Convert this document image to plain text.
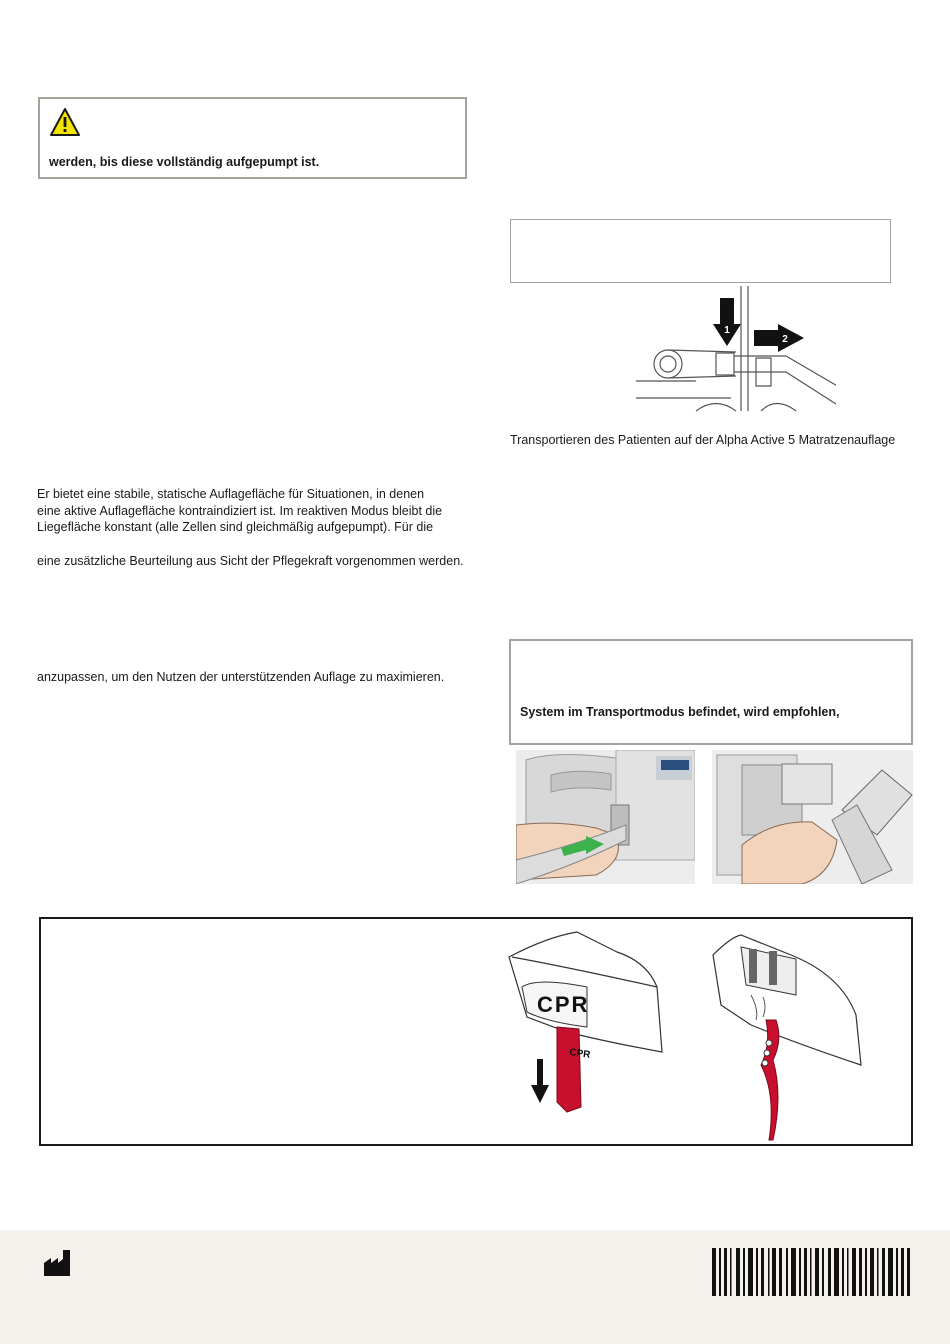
werden, bis diese vollständig aufgepumpt ist.
1
2
Transportieren des Patienten auf der Alpha Active 5 Matratzenauflage
Er bietet eine stabile, statische Auflagefläche für Situationen, in denen
eine aktive Auflagefläche kontraindiziert ist. Im reaktiven Modus bleibt die
Liegefläche konstant (alle Zellen sind gleichmäßig aufgepumpt). Für die
eine zusätzliche Beurteilung aus Sicht der Pflegekraft vorgenommen werden.
anzupassen, um den Nutzen der unterstützenden Auflage zu maximieren.
System im Transportmodus befindet, wird empfohlen,
CPR
CPR
